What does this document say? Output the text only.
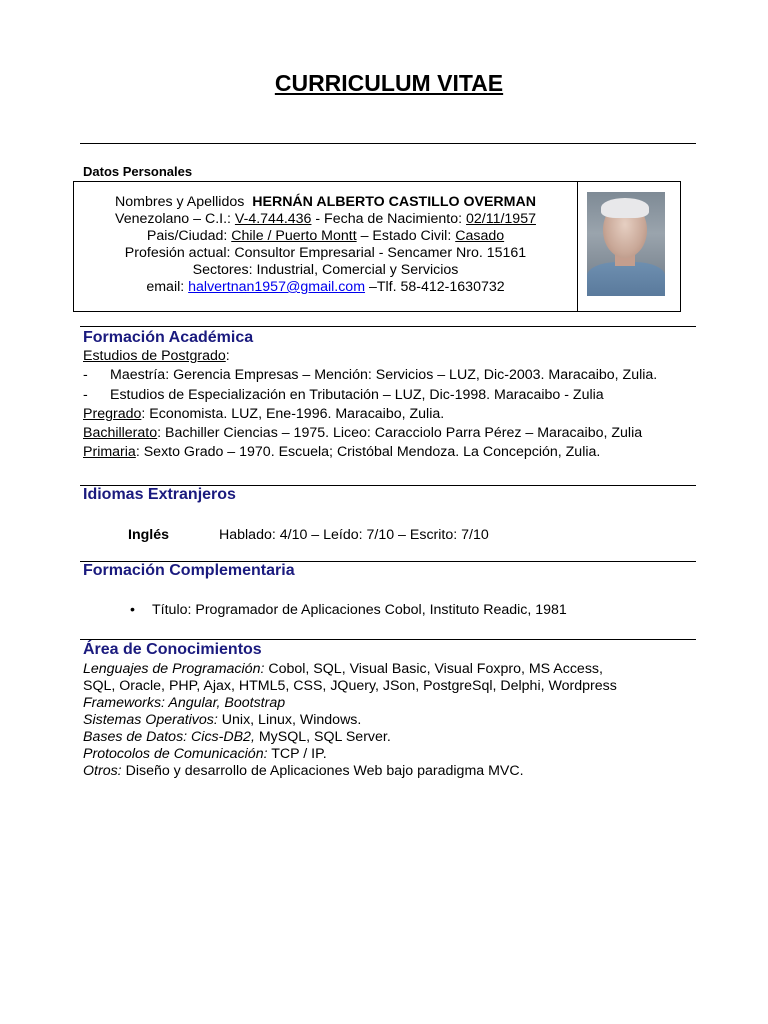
CURRICULUM VITAE
Datos Personales
Nombres y Apellidos HERNÁN ALBERTO CASTILLO OVERMAN
Venezolano – C.I.: V-4.744.436 - Fecha de Nacimiento: 02/11/1957
Pais/Ciudad: Chile / Puerto Montt – Estado Civil: Casado
Profesión actual: Consultor Empresarial - Sencamer Nro. 15161
Sectores: Industrial, Comercial y Servicios
email: halvertnan1957@gmail.com –Tlf. 58-412-1630732
Formación Académica
Estudios de Postgrado:
- Maestría: Gerencia Empresas – Mención: Servicios – LUZ, Dic-2003. Maracaibo, Zulia.
- Estudios de Especialización en Tributación – LUZ, Dic-1998. Maracaibo - Zulia
Pregrado: Economista. LUZ, Ene-1996. Maracaibo, Zulia.
Bachillerato: Bachiller Ciencias – 1975. Liceo: Caracciolo Parra Pérez – Maracaibo, Zulia
Primaria: Sexto Grado – 1970. Escuela; Cristóbal Mendoza. La Concepción, Zulia.
Idiomas Extranjeros
Inglés	Hablado: 4/10 – Leído: 7/10 – Escrito: 7/10
Formación Complementaria
• Título: Programador de Aplicaciones Cobol, Instituto Readic, 1981
Área de Conocimientos
Lenguajes de Programación: Cobol, SQL, Visual Basic, Visual Foxpro, MS Access,
SQL, Oracle, PHP, Ajax, HTML5, CSS, JQuery, JSon, PostgreSql, Delphi, Wordpress
Frameworks: Angular, Bootstrap
Sistemas Operativos: Unix, Linux, Windows.
Bases de Datos: Cics-DB2, MySQL, SQL Server.
Protocolos de Comunicación: TCP / IP.
Otros: Diseño y desarrollo de Aplicaciones Web bajo paradigma MVC.
